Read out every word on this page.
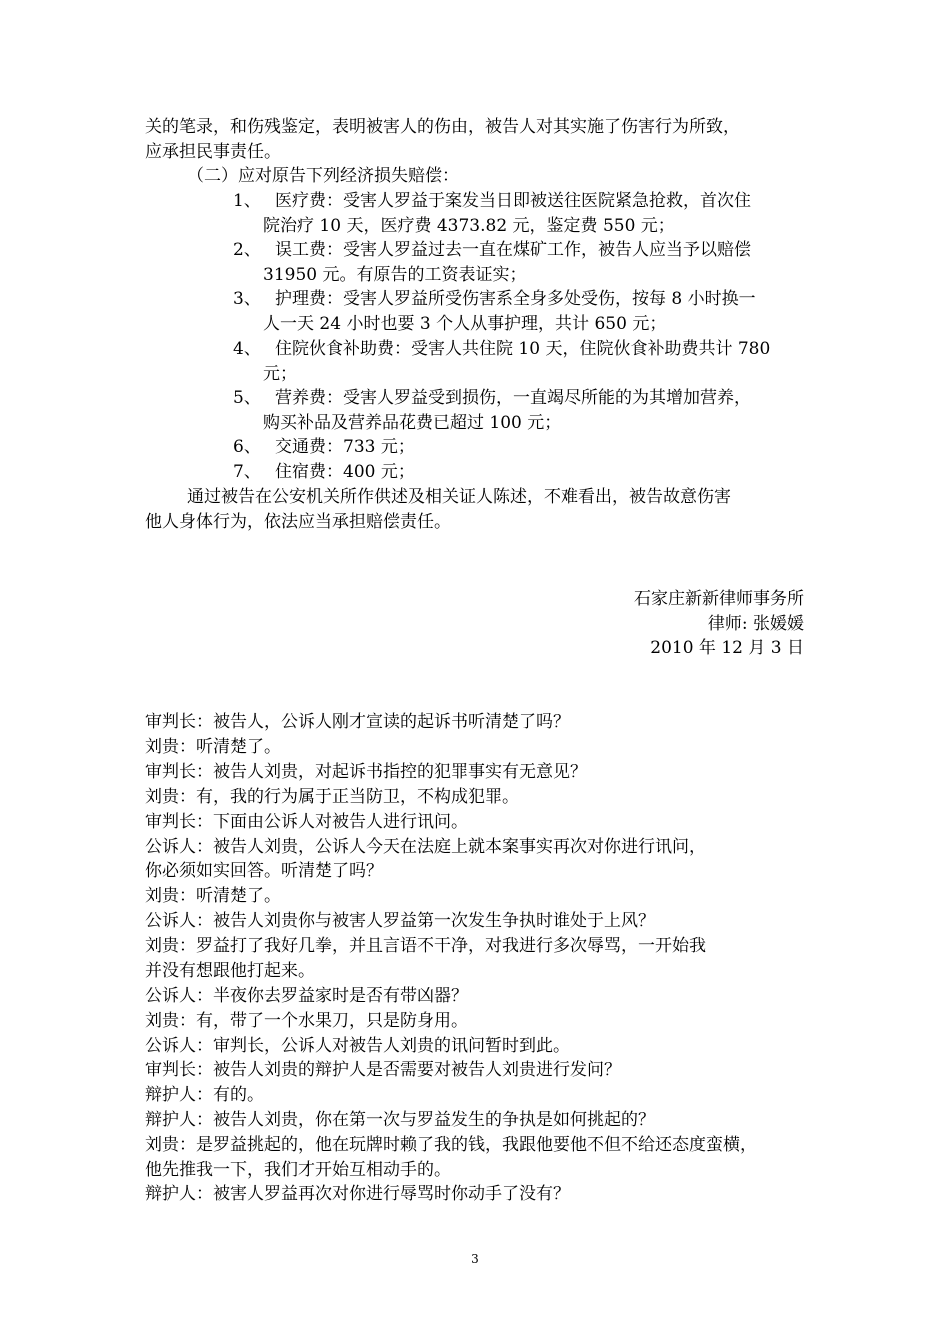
关的笔录，和伤残鉴定，表明被害人的伤由，被告人对其实施了伤害行为所致，
应承担民事责任。
（二）应对原告下列经济损失赔偿：
1、 医疗费：受害人罗益于案发当日即被送往医院紧急抢救，首次住
院治疗 10 天，医疗费 4373.82 元，鉴定费 550 元；
2、 误工费：受害人罗益过去一直在煤矿工作，被告人应当予以赔偿
31950 元。有原告的工资表证实；
3、 护理费：受害人罗益所受伤害系全身多处受伤，按每 8 小时换一
人一天 24 小时也要 3 个人从事护理，共计 650 元；
4、 住院伙食补助费：受害人共住院 10 天，住院伙食补助费共计 780
元；
5、 营养费：受害人罗益受到损伤，一直竭尽所能的为其增加营养，
购买补品及营养品花费已超过 100 元；
6、 交通费：733 元；
7、 住宿费：400 元；
通过被告在公安机关所作供述及相关证人陈述，不难看出，被告故意伤害
他人身体行为，依法应当承担赔偿责任。
石家庄新新律师事务所
律师: 张媛媛
2010 年 12 月 3 日
审判长：被告人，公诉人刚才宣读的起诉书听清楚了吗？
刘贵：听清楚了。
审判长：被告人刘贵，对起诉书指控的犯罪事实有无意见？
刘贵：有，我的行为属于正当防卫，不构成犯罪。
审判长：下面由公诉人对被告人进行讯问。
公诉人：被告人刘贵，公诉人今天在法庭上就本案事实再次对你进行讯问，
你必须如实回答。听清楚了吗？
刘贵：听清楚了。
公诉人：被告人刘贵你与被害人罗益第一次发生争执时谁处于上风？
刘贵：罗益打了我好几拳，并且言语不干净，对我进行多次辱骂，一开始我
并没有想跟他打起来。
公诉人：半夜你去罗益家时是否有带凶器？
刘贵：有，带了一个水果刀，只是防身用。
公诉人：审判长，公诉人对被告人刘贵的讯问暂时到此。
审判长：被告人刘贵的辩护人是否需要对被告人刘贵进行发问？
辩护人：有的。
辩护人：被告人刘贵，你在第一次与罗益发生的争执是如何挑起的？
刘贵：是罗益挑起的，他在玩牌时赖了我的钱，我跟他要他不但不给还态度蛮横，
他先推我一下，我们才开始互相动手的。
辩护人：被害人罗益再次对你进行辱骂时你动手了没有？
3
